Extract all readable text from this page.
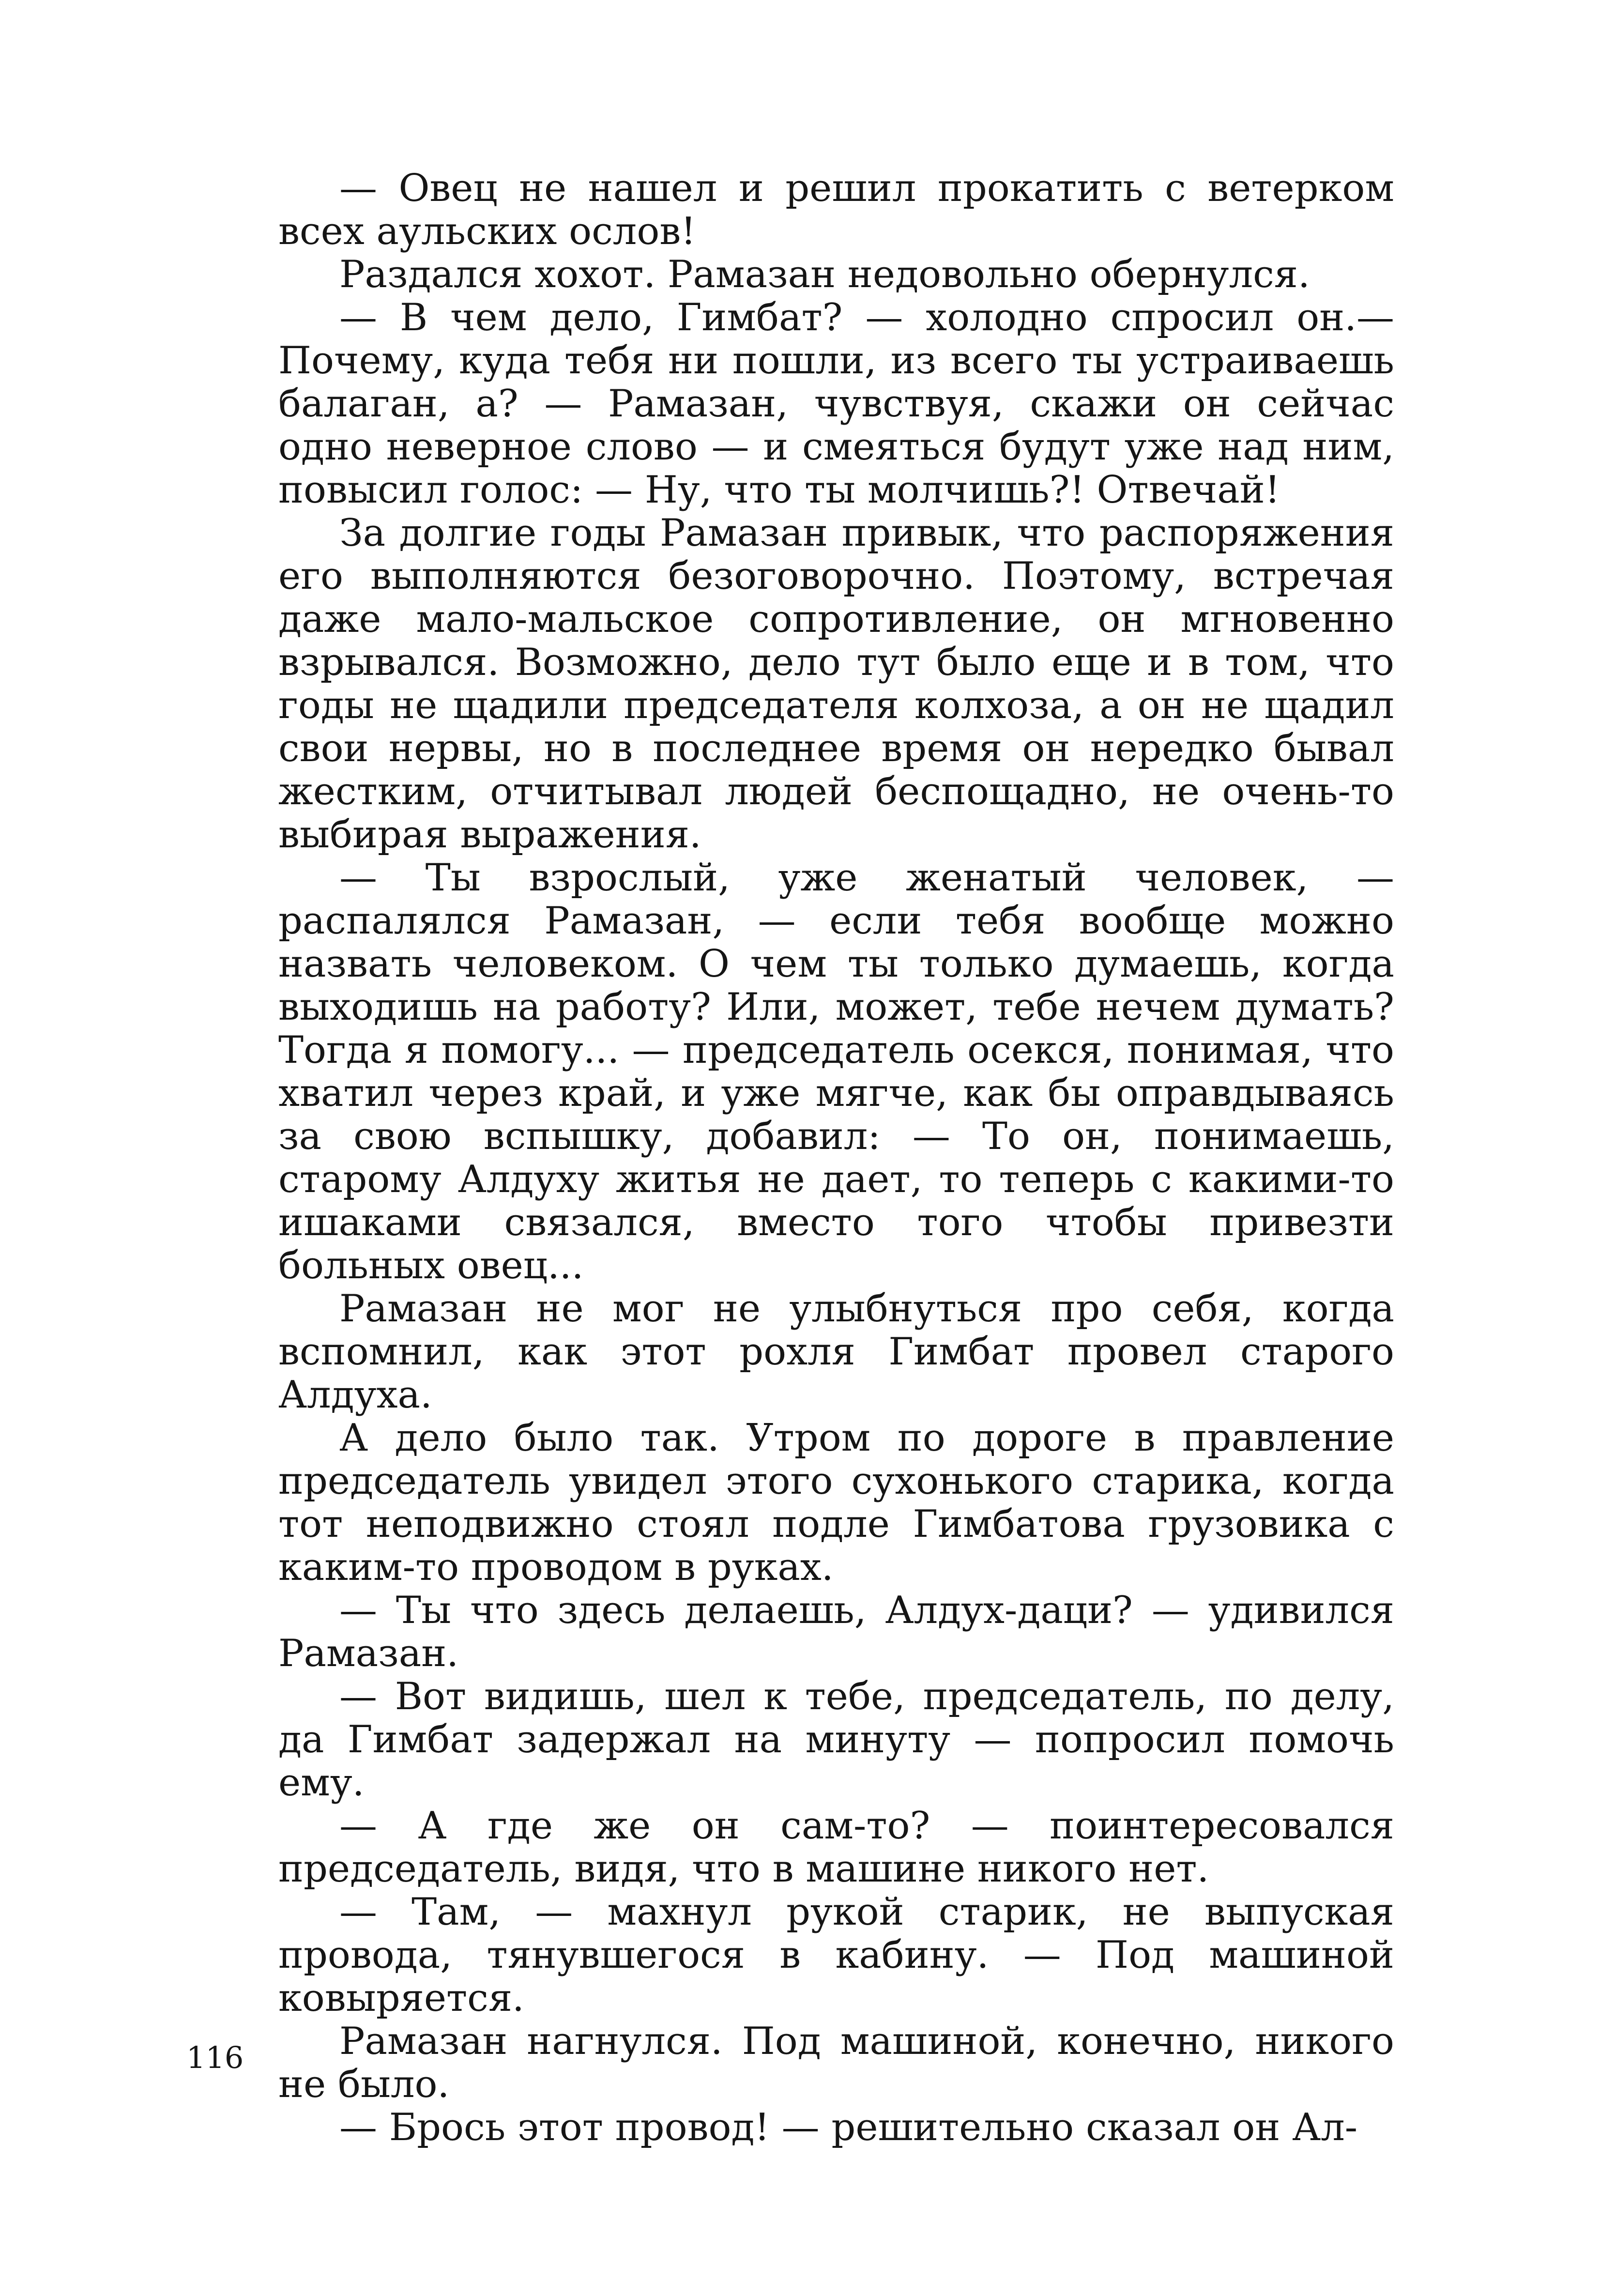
— Овец не нашел и решил прокатить с ветерком всех аульских ослов!

Раздался хохот. Рамазан недовольно обернулся.

— В чем дело, Гимбат? — холодно спросил он.— Почему, куда тебя ни пошли, из всего ты устраиваешь балаган, а? — Рамазан, чувствуя, скажи он сейчас одно неверное слово — и смеяться будут уже над ним, повысил голос: — Ну, что ты молчишь?! Отвечай!

За долгие годы Рамазан привык, что распоряжения его выполняются безоговорочно. Поэтому, встречая даже мало-мальское сопротивление, он мгновенно взрывался. Возможно, дело тут было еще и в том, что годы не щадили председателя колхоза, а он не щадил свои нервы, но в последнее время он нередко бывал жестким, отчитывал людей беспощадно, не очень-то выбирая выражения.

— Ты взрослый, уже женатый человек, — распалялся Рамазан, — если тебя вообще можно назвать человеком. О чем ты только думаешь, когда выходишь на работу? Или, может, тебе нечем думать? Тогда я помогу... — председатель осекся, понимая, что хватил через край, и уже мягче, как бы оправдываясь за свою вспышку, добавил: — То он, понимаешь, старому Алдуху житья не дает, то теперь с какими-то ишаками связался, вместо того чтобы привезти больных овец...

Рамазан не мог не улыбнуться про себя, когда вспомнил, как этот рохля Гимбат провел старого Алдуха.

А дело было так. Утром по дороге в правление председатель увидел этого сухонького старика, когда тот неподвижно стоял подле Гимбатова грузовика с каким-то проводом в руках.

— Ты что здесь делаешь, Алдух-даци? — удивился Рамазан.

— Вот видишь, шел к тебе, председатель, по делу, да Гимбат задержал на минуту — попросил помочь ему.

— А где же он сам-то? — поинтересовался председатель, видя, что в машине никого нет.

— Там, — махнул рукой старик, не выпуская провода, тянувшегося в кабину. — Под машиной ковыряется.

Рамазан нагнулся. Под машиной, конечно, никого не было.

— Брось этот провод! — решительно сказал он Ал-

116
